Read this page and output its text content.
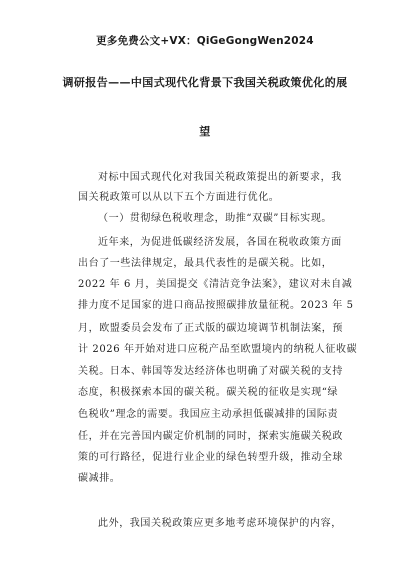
更多免费公文+VX：QiGeGongWen2024
调研报告——中国式现代化背景下我国关税政策优化的展
望
对标中国式现代化对我国关税政策提出的新要求，我
国关税政策可以从以下五个方面进行优化。
（一）贯彻绿色税收理念，助推“双碳”目标实现。
近年来，为促进低碳经济发展，各国在税收政策方面
出台了一些法律规定，最具代表性的是碳关税。比如，
2022 年 6 月，美国提交《清洁竞争法案》，建议对未自减
排力度不足国家的进口商品按照碳排放量征税。2023 年 5
月，欧盟委员会发布了正式版的碳边境调节机制法案，预
计 2026 年开始对进口应税产品至欧盟境内的纳税人征收碳
关税。日本、韩国等发达经济体也明确了对碳关税的支持
态度，积极探索本国的碳关税。碳关税的征收是实现“绿
色税收”理念的需要。我国应主动承担低碳减排的国际责
任，并在完善国内碳定价机制的同时，探索实施碳关税政
策的可行路径，促进行业企业的绿色转型升级，推动全球
碳减排。
此外，我国关税政策应更多地考虑环境保护的内容，
